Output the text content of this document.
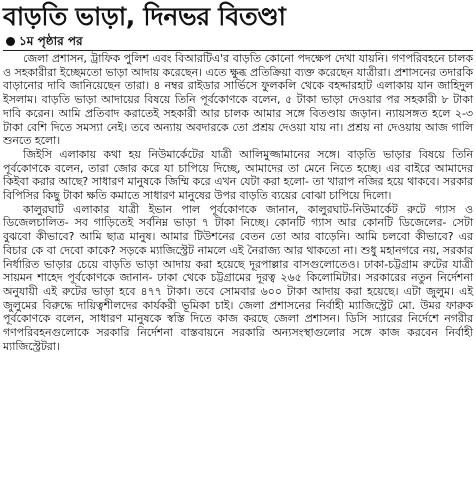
বাড়তি ভাড়া, দিনভর বিতণ্ডা
১ম পৃষ্ঠার পর

জেলা প্রশাসন, ট্রাফিক পুলিশ এবং বিআরটিএ'র বাড়তি কোনো পদক্ষেপ দেখা যায়নি। গণপরিবহনে চালক ও সহকারীরা ইচ্ছেমতো ভাড়া আদায় করেছেন। এতে ক্ষুব্ধ প্রতিক্রিয়া ব্যক্ত করেছেন যাত্রীরা। প্রশাসনের তদারকি বাড়ানোর দাবি জানিয়েছেন তারা। ৪ নম্বর রাইডার সার্ভিসে ফুলকলি থেকে বহদ্দারহাট এলাকায় যান জাহিদুল ইসলাম। বাড়তি ভাড়া আদায়ের বিষয়ে তিনি পূর্বকোণকে বলেন, ৫ টাকা ভাড়া দেওয়ার পর সহকারী ৮ টাকা দাবি করেন। আমি প্রতিবাদ করাতেই সহকারী আর চালক আমার সঙ্গে বিতণ্ডায় জড়ান। ন্যায়সঙ্গত হলে ২-৩ টাকা বেশি দিতে সমস্যা নেই। তবে অন্যায় অবদারকে তো প্রশ্রয় দেওয়া যায় না। প্রশ্রয় না দেওয়ায় আজ গালি শুনতে হলো।

জিইসি এলাকায় কথা হয় নিউমার্কেটের যাত্রী আলিমুজ্জামানের সঙ্গে। বাড়তি ভাড়ার বিষয়ে তিনি পূর্বকোণকে বলেন, তারা জোর করে যা চাপিয়ে দিচ্ছে, আমাদের তা মেনে নিতে হচ্ছে। এর বাইরে আমাদের কিইবা করার আছে? সাধারণ মানুষকে জিম্মি করে এখন যেটা করা হলো- তা খারাপ নজির হয়ে থাকবে। সরকার বিপিসির কিছু টাকা ক্ষতি কমাতে সাধারণ মানুষের উপর বাড়তি ব্যয়ের বোঝা চাপিয়ে দিলো।

কালুরঘাট এলাকার যাত্রী ইভান পাল পূর্বকোণকে জানান, কালুরঘাট-নিউমার্কেট রুটে গ্যাস ও ডিজেলচালিত- সব গাড়িতেই সর্বনিম্ন ভাড়া ৭ টাকা নিচ্ছে। কোনটি গ্যাস আর কোনটি ডিজেলের- সেটা বুঝবো কীভাবে? আমি ছাত্র মানুষ। আমার টিউশনের বেতন তো আর বাড়েনি। আমি চলবো কীভাবে? এর বিচার কে বা দেবো কাকে? সড়কে ম্যাজিস্ট্রেট নামলে এই নৈরাজ্য আর থাকতো না। শুধু মহানগরে নয়, সরকার নির্ধারিত ভাড়ার চেয়ে বাড়তি ভাড়া আদায় করা হয়েছে দূরপাল্লার বাসগুলোতেও। ঢাকা-চট্টগ্রাম রুটের যাত্রী সায়মন শাহেদ পূর্বকোণকে জানান- ঢাকা থেকে চট্টগ্রামের দূরত্ব ২৬৫ কিলোমিটার। সরকারের নতুন নির্দেশনা অনুযায়ী এই রুটের ভাড়া হবে ৪৭৭ টাকা। তবে সোমবার ৬০০ টাকা আদায় করা হয়েছে। এটা জুলুম। এই জুলুমের বিরুদ্ধে দায়িত্বশীলদের কার্যকরী ভূমিকা চাই। জেলা প্রশাসনের নির্বাহী ম্যাজিস্ট্রেট মো. উমর ফারুক পূর্বকোণকে বলেন, সাধারণ মানুষকে স্বস্তি দিতে কাজ করছে জেলা প্রশাসন। ডিসি স্যারের নির্দেশে নগরীর গণপরিবহনগুলোকে সরকারি নির্দেশনা বাস্তবায়নে সরকারি অন্যসংস্থাগুলোর সঙ্গে কাজ করবেন নির্বাহী ম্যাজিস্ট্রেটরা।
